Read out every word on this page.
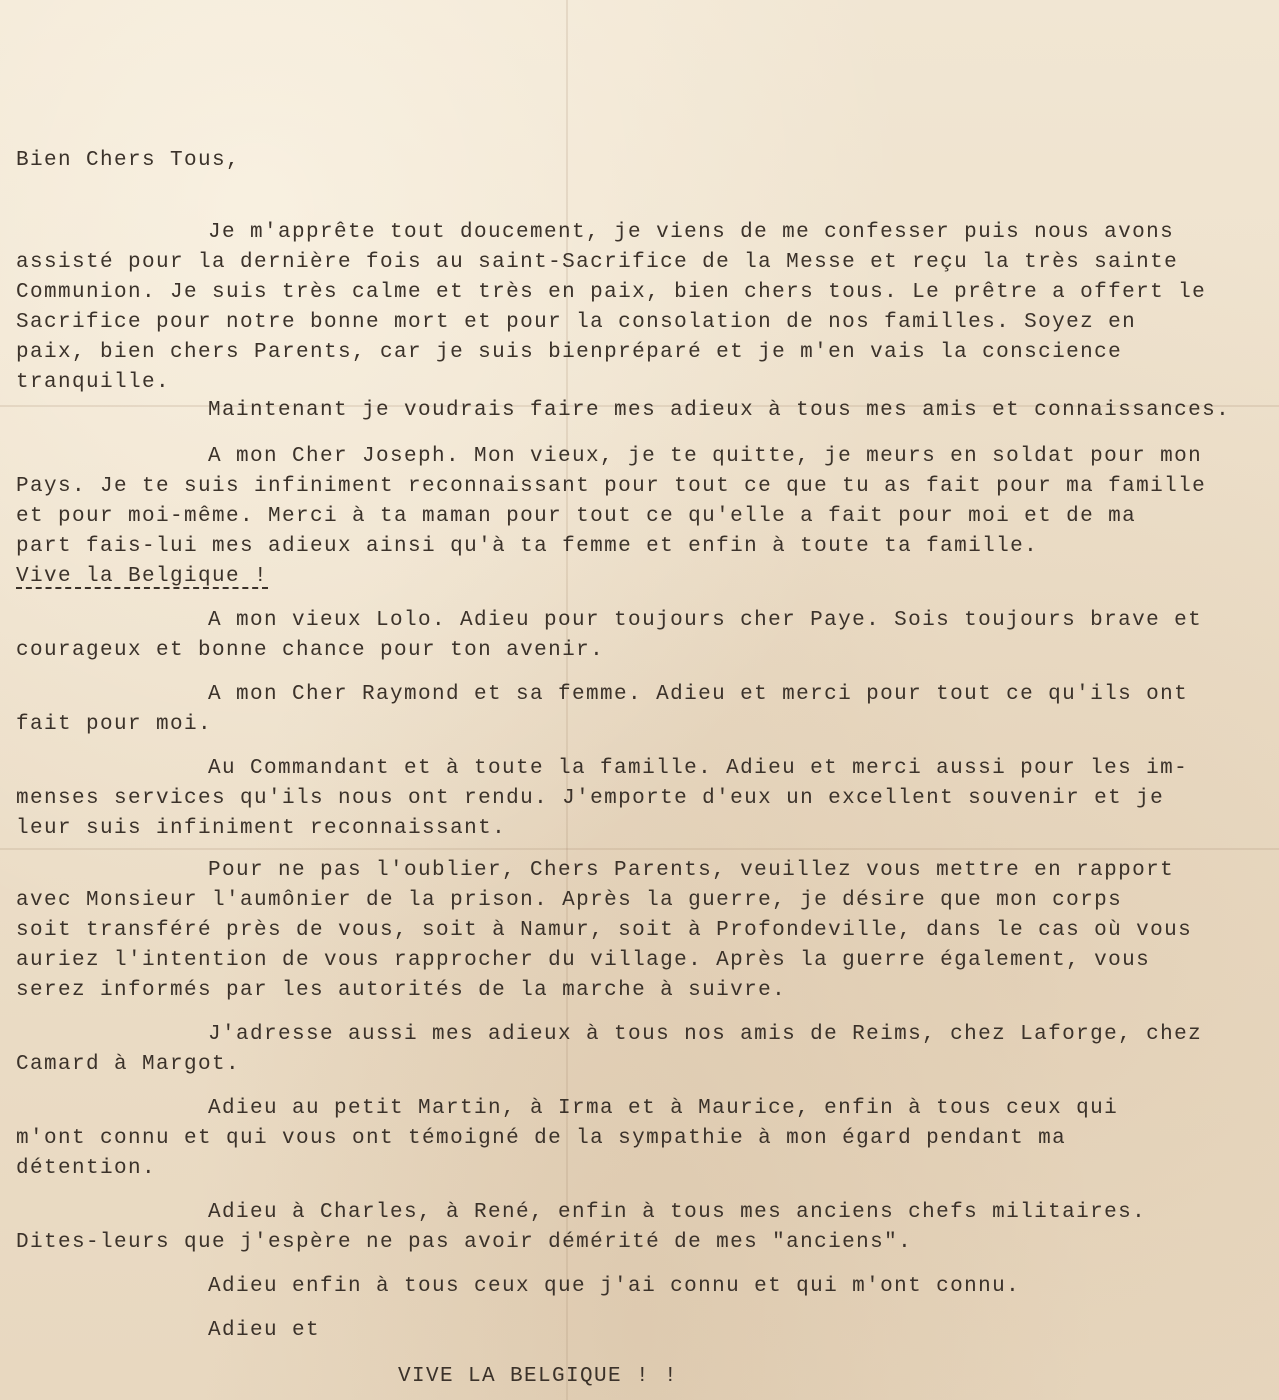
Bien Chers Tous,
Je m'apprête tout doucement, je viens de me confesser puis nous avons
assisté pour la dernière fois au saint-Sacrifice de la Messe et reçu la très sainte
Communion. Je suis très calme et très en paix, bien chers tous. Le prêtre a offert le
Sacrifice pour notre bonne mort et pour la consolation de nos familles. Soyez en
paix, bien chers Parents, car je suis bienpréparé et je m'en vais la conscience
tranquille.
Maintenant je voudrais faire mes adieux à tous mes amis et connaissances.
A mon Cher Joseph. Mon vieux, je te quitte, je meurs en soldat pour mon
Pays. Je te suis infiniment reconnaissant pour tout ce que tu as fait pour ma famille
et pour moi-même. Merci à ta maman pour tout ce qu'elle a fait pour moi et de ma
part fais-lui mes adieux ainsi qu'à ta femme et enfin à toute ta famille.
Vive la Belgique !
A mon vieux Lolo. Adieu pour toujours cher Paye. Sois toujours brave et
courageux et bonne chance pour ton avenir.
A mon Cher Raymond et sa femme. Adieu et merci pour tout ce qu'ils ont
fait pour moi.
Au Commandant et à toute la famille. Adieu et merci aussi pour les im-
menses services qu'ils nous ont rendu. J'emporte d'eux un excellent souvenir et je
leur suis infiniment reconnaissant.
Pour ne pas l'oublier, Chers Parents, veuillez vous mettre en rapport
avec Monsieur l'aumônier de la prison. Après la guerre, je désire que mon corps
soit transféré près de vous, soit à Namur, soit à Profondeville, dans le cas où vous
auriez l'intention de vous rapprocher du village. Après la guerre également, vous
serez informés par les autorités de la marche à suivre.
J'adresse aussi mes adieux à tous nos amis de Reims, chez Laforge, chez
Camard à Margot.
Adieu au petit Martin, à Irma et à Maurice, enfin à tous ceux qui
m'ont connu et qui vous ont témoigné de la sympathie à mon égard pendant ma
détention.
Adieu à Charles, à René, enfin à tous mes anciens chefs militaires.
Dites-leurs que j'espère ne pas avoir démérité de mes "anciens".
Adieu enfin à tous ceux que j'ai connu et qui m'ont connu.
Adieu et
VIVE LA BELGIQUE ! !
